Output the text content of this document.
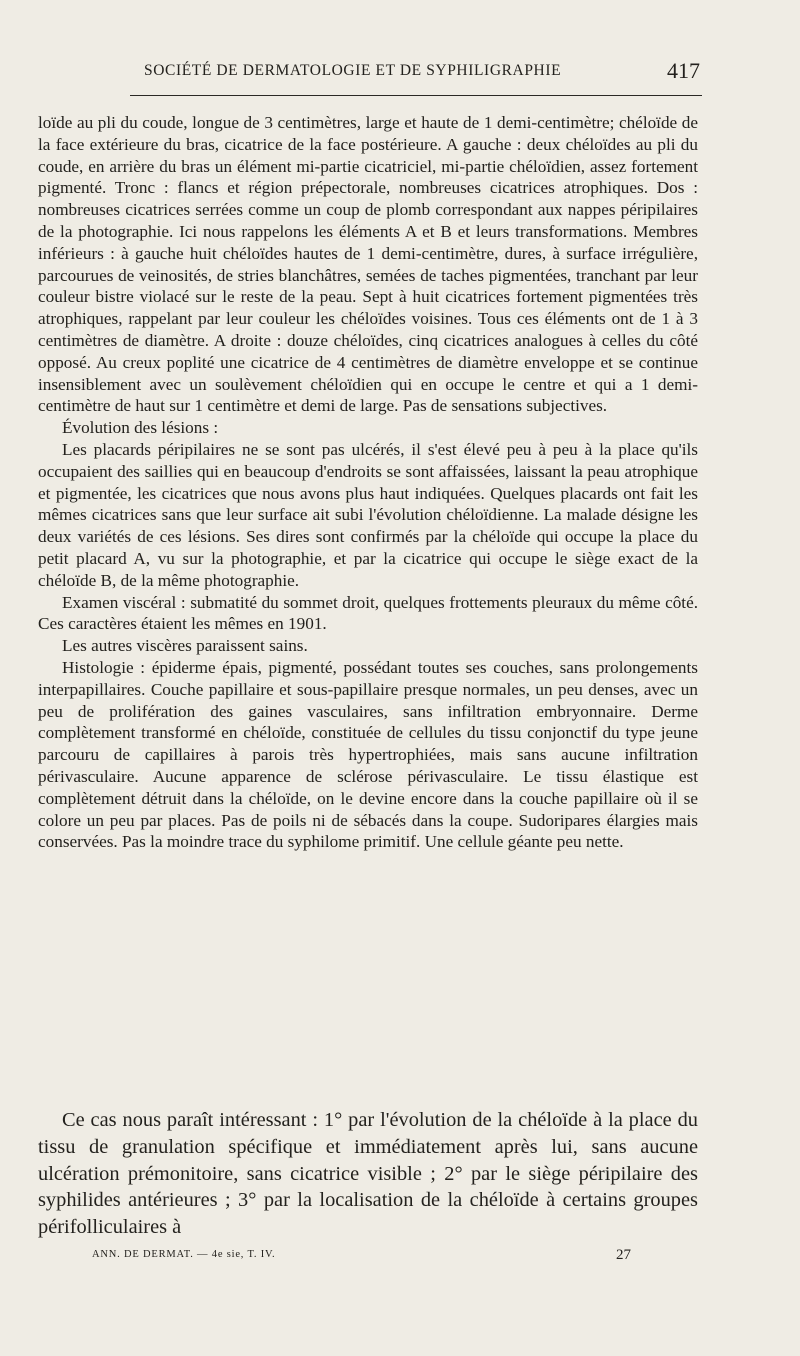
SOCIÉTÉ DE DERMATOLOGIE ET DE SYPHILIGRAPHIE	417

loïde au pli du coude, longue de 3 centimètres, large et haute de 1 demi-centimètre; chéloïde de la face extérieure du bras, cicatrice de la face postérieure. A gauche : deux chéloïdes au pli du coude, en arrière du bras un élément mi-partie cicatriciel, mi-partie chéloïdien, assez fortement pigmenté. Tronc : flancs et région prépectorale, nombreuses cicatrices atrophiques. Dos : nombreuses cicatrices serrées comme un coup de plomb correspondant aux nappes péripilaires de la photographie. Ici nous rappelons les éléments A et B et leurs transformations. Membres inférieurs : à gauche huit chéloïdes hautes de 1 demi-centimètre, dures, à surface irrégulière, parcourues de veinosités, de stries blanchâtres, semées de taches pigmentées, tranchant par leur couleur bistre violacé sur le reste de la peau. Sept à huit cicatrices fortement pigmentées très atrophiques, rappelant par leur couleur les chéloïdes voisines. Tous ces éléments ont de 1 à 3 centimètres de diamètre. A droite : douze chéloïdes, cinq cicatrices analogues à celles du côté opposé. Au creux poplité une cicatrice de 4 centimètres de diamètre enveloppe et se continue insensiblement avec un soulèvement chéloïdien qui en occupe le centre et qui a 1 demi-centimètre de haut sur 1 centimètre et demi de large. Pas de sensations subjectives.

Évolution des lésions :

Les placards péripilaires ne se sont pas ulcérés, il s'est élevé peu à peu à la place qu'ils occupaient des saillies qui en beaucoup d'endroits se sont affaissées, laissant la peau atrophique et pigmentée, les cicatrices que nous avons plus haut indiquées. Quelques placards ont fait les mêmes cicatrices sans que leur surface ait subi l'évolution chéloïdienne. La malade désigne les deux variétés de ces lésions. Ses dires sont confirmés par la chéloïde qui occupe la place du petit placard A, vu sur la photographie, et par la cicatrice qui occupe le siège exact de la chéloïde B, de la même photographie.

Examen viscéral : submatité du sommet droit, quelques frottements pleuraux du même côté. Ces caractères étaient les mêmes en 1901.

Les autres viscères paraissent sains.

Histologie : épiderme épais, pigmenté, possédant toutes ses couches, sans prolongements interpapillaires. Couche papillaire et sous-papillaire presque normales, un peu denses, avec un peu de prolifération des gaines vasculaires, sans infiltration embryonnaire. Derme complètement transformé en chéloïde, constituée de cellules du tissu conjonctif du type jeune parcouru de capillaires à parois très hypertrophiées, mais sans aucune infiltration périvasculaire. Aucune apparence de sclérose périvasculaire. Le tissu élastique est complètement détruit dans la chéloïde, on le devine encore dans la couche papillaire où il se colore un peu par places. Pas de poils ni de sébacés dans la coupe. Sudoripares élargies mais conservées. Pas la moindre trace du syphilome primitif. Une cellule géante peu nette.

Ce cas nous paraît intéressant : 1° par l'évolution de la chéloïde à la place du tissu de granulation spécifique et immédiatement après lui, sans aucune ulcération prémonitoire, sans cicatrice visible ; 2° par le siège péripilaire des syphilides antérieures ; 3° par la localisation de la chéloïde à certains groupes périfolliculaires à

ANN. DE DERMAT. — 4e sie, T. IV.	27
